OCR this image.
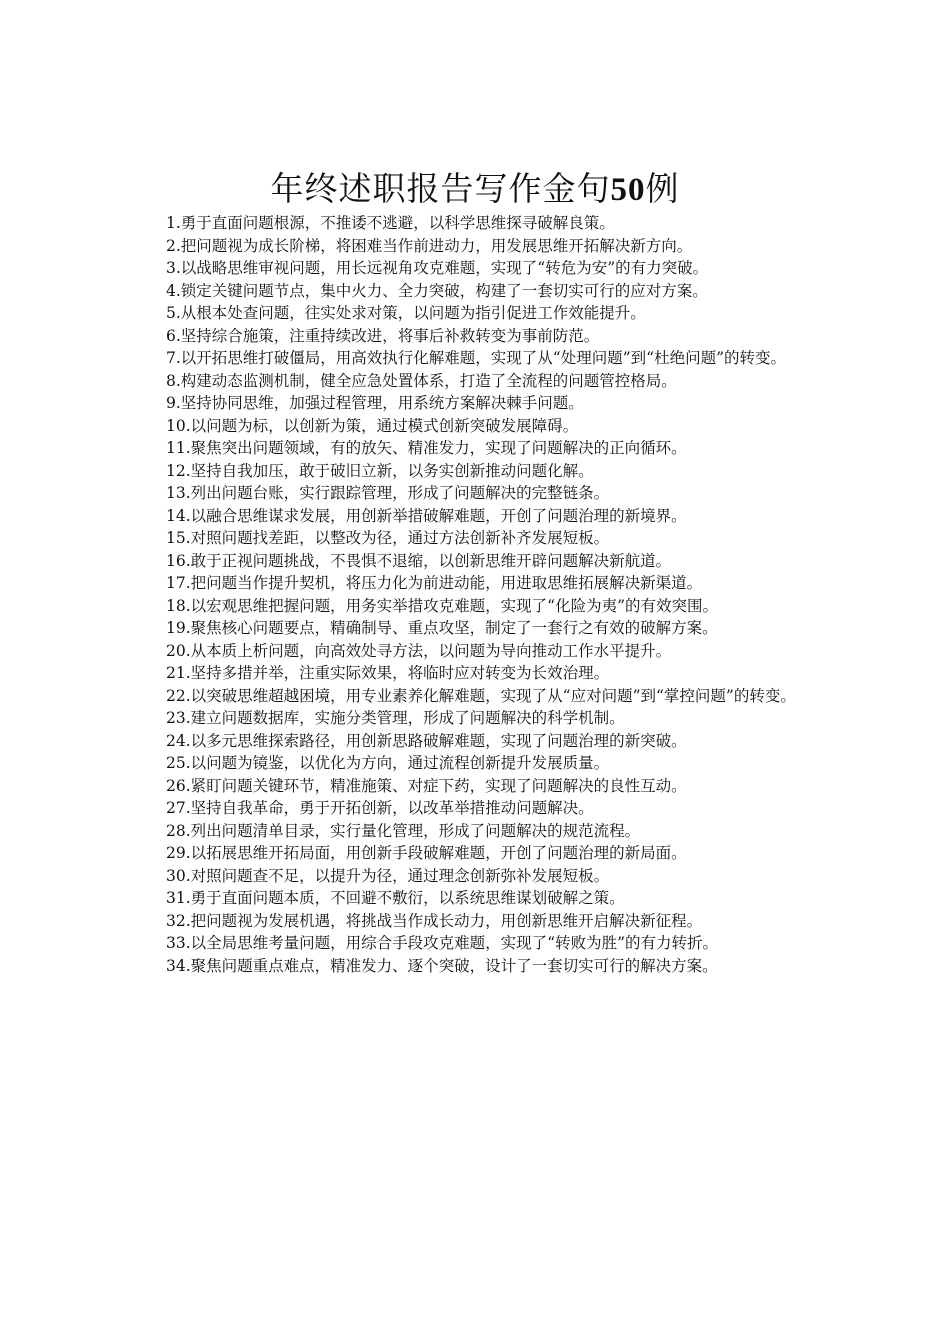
年终述职报告写作金句50例

1.勇于直面问题根源，不推诿不逃避，以科学思维探寻破解良策。

2.把问题视为成长阶梯，将困难当作前进动力，用发展思维开拓解决新方向。

3.以战略思维审视问题，用长远视角攻克难题，实现了“转危为安”的有力突破。

4.锁定关键问题节点，集中火力、全力突破，构建了一套切实可行的应对方案。

5.从根本处查问题，往实处求对策，以问题为指引促进工作效能提升。

6.坚持综合施策，注重持续改进，将事后补救转变为事前防范。

7.以开拓思维打破僵局，用高效执行化解难题，实现了从“处理问题”到“杜绝问题”的转变。

8.构建动态监测机制，健全应急处置体系，打造了全流程的问题管控格局。

9.坚持协同思维，加强过程管理，用系统方案解决棘手问题。

10.以问题为标，以创新为策，通过模式创新突破发展障碍。

11.聚焦突出问题领域，有的放矢、精准发力，实现了问题解决的正向循环。

12.坚持自我加压，敢于破旧立新，以务实创新推动问题化解。

13.列出问题台账，实行跟踪管理，形成了问题解决的完整链条。

14.以融合思维谋求发展，用创新举措破解难题，开创了问题治理的新境界。

15.对照问题找差距，以整改为径，通过方法创新补齐发展短板。

16.敢于正视问题挑战，不畏惧不退缩，以创新思维开辟问题解决新航道。

17.把问题当作提升契机，将压力化为前进动能，用进取思维拓展解决新渠道。

18.以宏观思维把握问题，用务实举措攻克难题，实现了“化险为夷”的有效突围。

19.聚焦核心问题要点，精确制导、重点攻坚，制定了一套行之有效的破解方案。

20.从本质上析问题，向高效处寻方法，以问题为导向推动工作水平提升。

21.坚持多措并举，注重实际效果，将临时应对转变为长效治理。

22.以突破思维超越困境，用专业素养化解难题，实现了从“应对问题”到“掌控问题”的转变。

23.建立问题数据库，实施分类管理，形成了问题解决的科学机制。

24.以多元思维探索路径，用创新思路破解难题，实现了问题治理的新突破。

25.以问题为镜鉴，以优化为方向，通过流程创新提升发展质量。

26.紧盯问题关键环节，精准施策、对症下药，实现了问题解决的良性互动。

27.坚持自我革命，勇于开拓创新，以改革举措推动问题解决。

28.列出问题清单目录，实行量化管理，形成了问题解决的规范流程。

29.以拓展思维开拓局面，用创新手段破解难题，开创了问题治理的新局面。

30.对照问题查不足，以提升为径，通过理念创新弥补发展短板。

31.勇于直面问题本质，不回避不敷衍，以系统思维谋划破解之策。

32.把问题视为发展机遇，将挑战当作成长动力，用创新思维开启解决新征程。

33.以全局思维考量问题，用综合手段攻克难题，实现了“转败为胜”的有力转折。

34.聚焦问题重点难点，精准发力、逐个突破，设计了一套切实可行的解决方案。
